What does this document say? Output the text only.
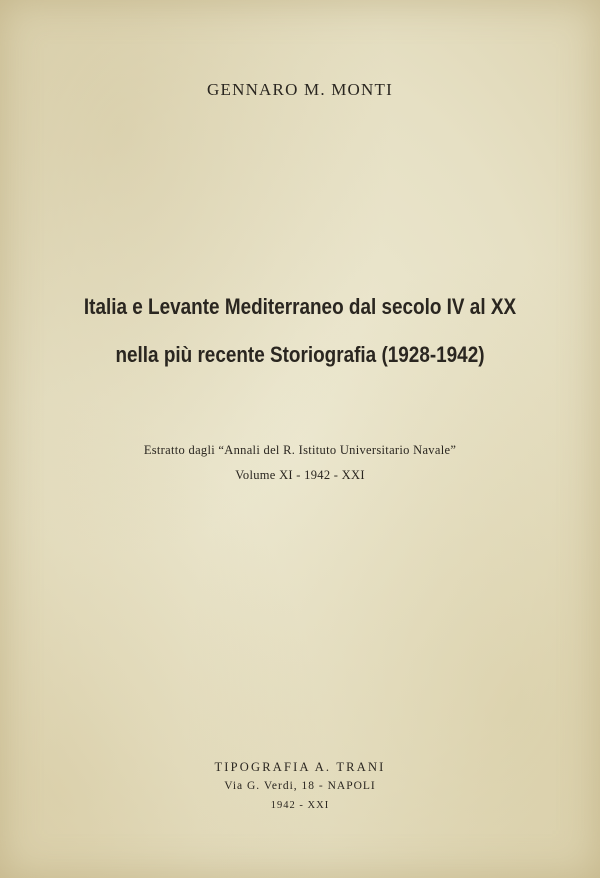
GENNARO M. MONTI
Italia e Levante Mediterraneo dal secolo IV al XX
nella più recente Storiografia (1928-1942)
Estratto dagli “Annali del R. Istituto Universitario Navale”
Volume XI - 1942 - XXI
TIPOGRAFIA A. TRANI
Via G. Verdi, 18 - NAPOLI
1942 - XXI
